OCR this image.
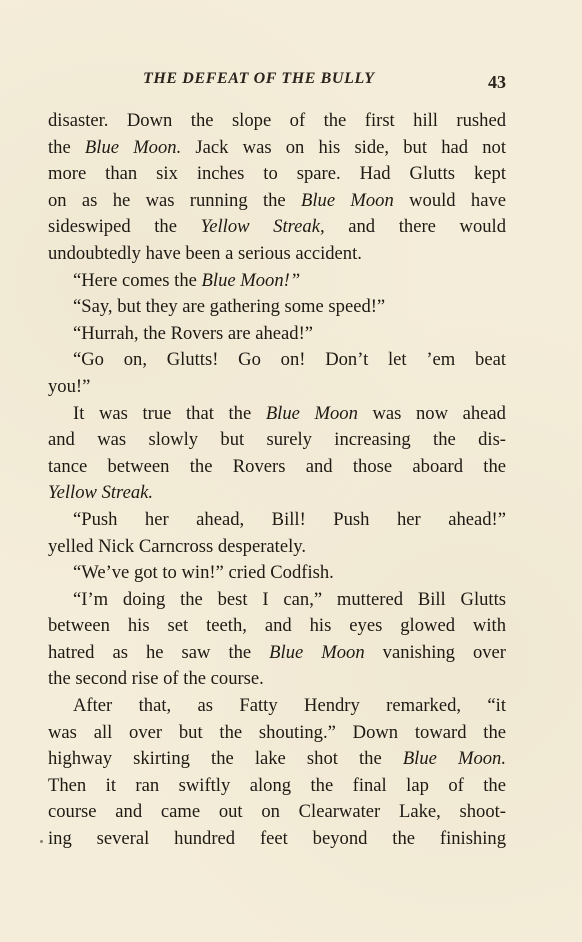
THE DEFEAT OF THE BULLY	43
disaster. Down the slope of the first hill rushed
the Blue Moon. Jack was on his side, but had not
more than six inches to spare. Had Glutts kept
on as he was running the Blue Moon would have
sideswiped the Yellow Streak, and there would
undoubtedly have been a serious accident.
“Here comes the Blue Moon!”
“Say, but they are gathering some speed!”
“Hurrah, the Rovers are ahead!”
“Go on, Glutts! Go on! Don’t let ’em beat
you!”
It was true that the Blue Moon was now ahead
and was slowly but surely increasing the dis-
tance between the Rovers and those aboard the
Yellow Streak.
“Push her ahead, Bill! Push her ahead!”
yelled Nick Carncross desperately.
“We’ve got to win!” cried Codfish.
“I’m doing the best I can,” muttered Bill Glutts
between his set teeth, and his eyes glowed with
hatred as he saw the Blue Moon vanishing over
the second rise of the course.
After that, as Fatty Hendry remarked, “it
was all over but the shouting.” Down toward the
highway skirting the lake shot the Blue Moon.
Then it ran swiftly along the final lap of the
course and came out on Clearwater Lake, shoot-
ing several hundred feet beyond the finishing
